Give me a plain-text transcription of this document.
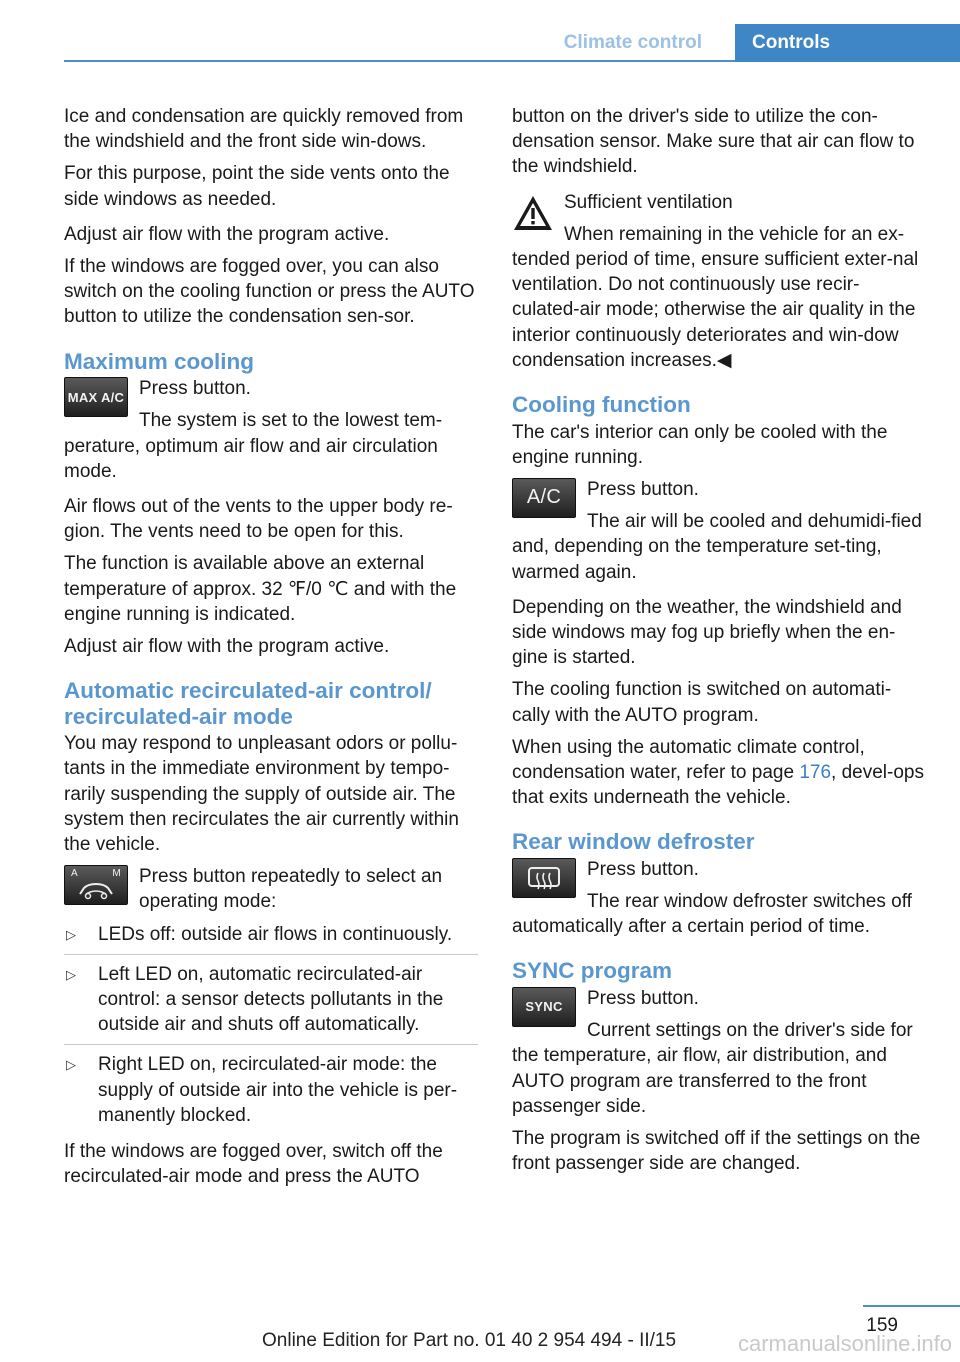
Climate control	Controls

Ice and condensation are quickly removed from the windshield and the front side win‐dows.

For this purpose, point the side vents onto the side windows as needed.

Adjust air flow with the program active.

If the windows are fogged over, you can also switch on the cooling function or press the AUTO button to utilize the condensation sen‐sor.

Maximum cooling
MAX A/C Press button.
The system is set to the lowest tem‐perature, optimum air flow and air circulation mode.

Air flows out of the vents to the upper body re‐gion. The vents need to be open for this.

The function is available above an external temperature of approx. 32 ℉/0 ℃ and with the engine running is indicated.

Adjust air flow with the program active.

Automatic recirculated-air control/ recirculated-air mode

You may respond to unpleasant odors or pollu‐tants in the immediate environment by tempo‐rarily suspending the supply of outside air. The system then recirculates the air currently within the vehicle.

A	M Press button repeatedly to select an operating mode:
▷ LEDs off: outside air flows in continuously.
▷ Left LED on, automatic recirculated-air control: a sensor detects pollutants in the outside air and shuts off automatically.
▷ Right LED on, recirculated-air mode: the supply of outside air into the vehicle is per‐manently blocked.

If the windows are fogged over, switch off the recirculated-air mode and press the AUTO

button on the driver's side to utilize the con‐densation sensor. Make sure that air can flow to the windshield.

Sufficient ventilation
When remaining in the vehicle for an ex‐tended period of time, ensure sufficient exter‐nal ventilation. Do not continuously use recir‐culated-air mode; otherwise the air quality in the interior continuously deteriorates and win‐dow condensation increases.◀
Cooling function

The car's interior can only be cooled with the engine running.

A/C	Press button.
The air will be cooled and dehumidi‐fied and, depending on the temperature set‐ting, warmed again.

Depending on the weather, the windshield and side windows may fog up briefly when the en‐gine is started.

The cooling function is switched on automati‐cally with the AUTO program.

When using the automatic climate control, condensation water, refer to page 176, devel‐ops that exits underneath the vehicle.

Rear window defroster
Press button.
The rear window defroster switches off automatically after a certain period of time.
SYNC program
SYNC	Press button.
Current settings on the driver's side for the temperature, air flow, air distribution, and AUTO program are transferred to the front passenger side.

The program is switched off if the settings on the front passenger side are changed.

159
Online Edition for Part no. 01 40 2 954 494 - II/15	carmanualsonline.info
